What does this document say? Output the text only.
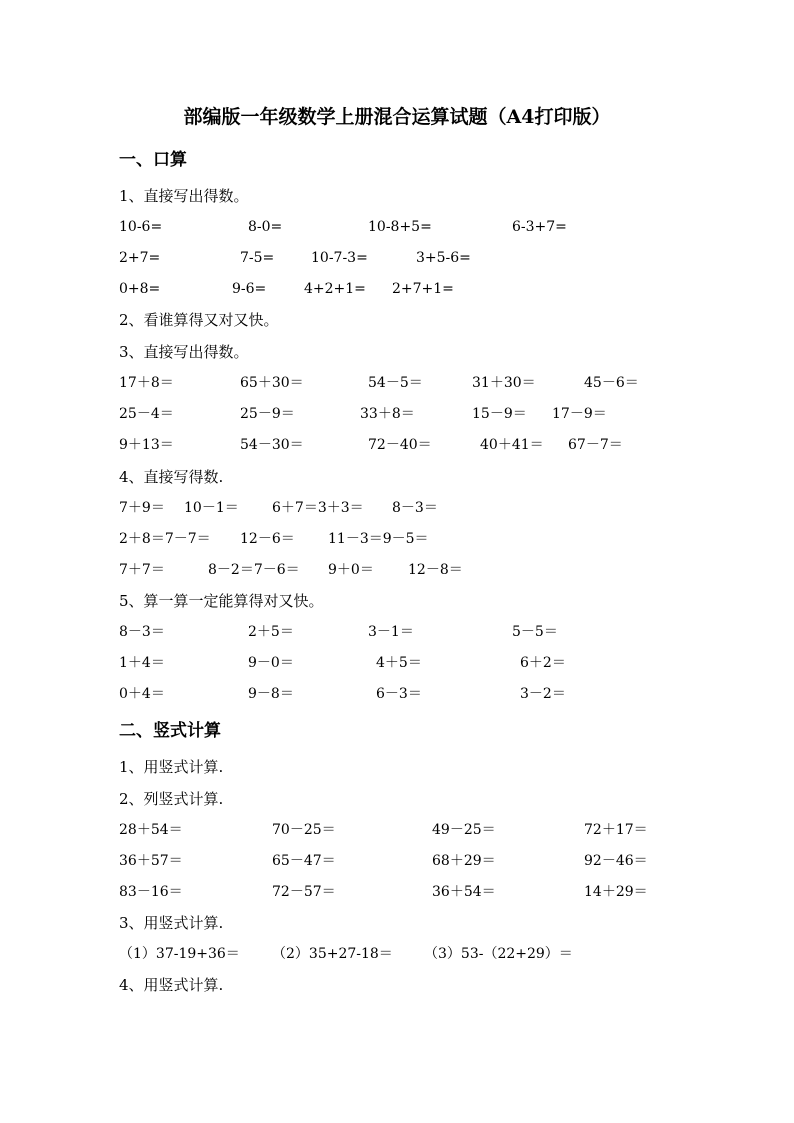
部编版一年级数学上册混合运算试题（A4打印版）
一、口算
1、直接写出得数。
10-6=	8-0=	10-8+5=	6-3+7=
2+7=	7-5=	10-7-3=	3+5-6=
0+8=	9-6=	4+2+1= 2+7+1=
2、看谁算得又对又快。
3、直接写出得数。
17＋8＝	65＋30＝	54－5＝	31＋30＝	45－6＝
25－4＝	25－9＝	33＋8＝	15－9＝ 17－9＝
9＋13＝	54－30＝	72－40＝	40＋41＝ 67－7＝
4、直接写得数.
7＋9＝ 10－1＝ 6＋7＝3＋3＝ 8－3＝
2＋8＝7－7＝ 12－6＝ 11－3＝9－5＝
7＋7＝	8－2＝7－6＝ 9＋0＝ 12－8＝
5、算一算一定能算得对又快。
8－3＝	2＋5＝	3－1＝	5－5＝
1＋4＝	9－0＝	4＋5＝	6＋2＝
0＋4＝	9－8＝	6－3＝	3－2＝
二、竖式计算
1、用竖式计算.
2、列竖式计算.
28＋54＝	70－25＝	49－25＝	72＋17＝
36＋57＝	65－47＝	68＋29＝	92－46＝
83－16＝	72－57＝	36＋54＝	14＋29＝
3、用竖式计算.
（1）37-19+36＝ （2）35+27-18＝ （3）53-（22+29）＝
4、用竖式计算.
